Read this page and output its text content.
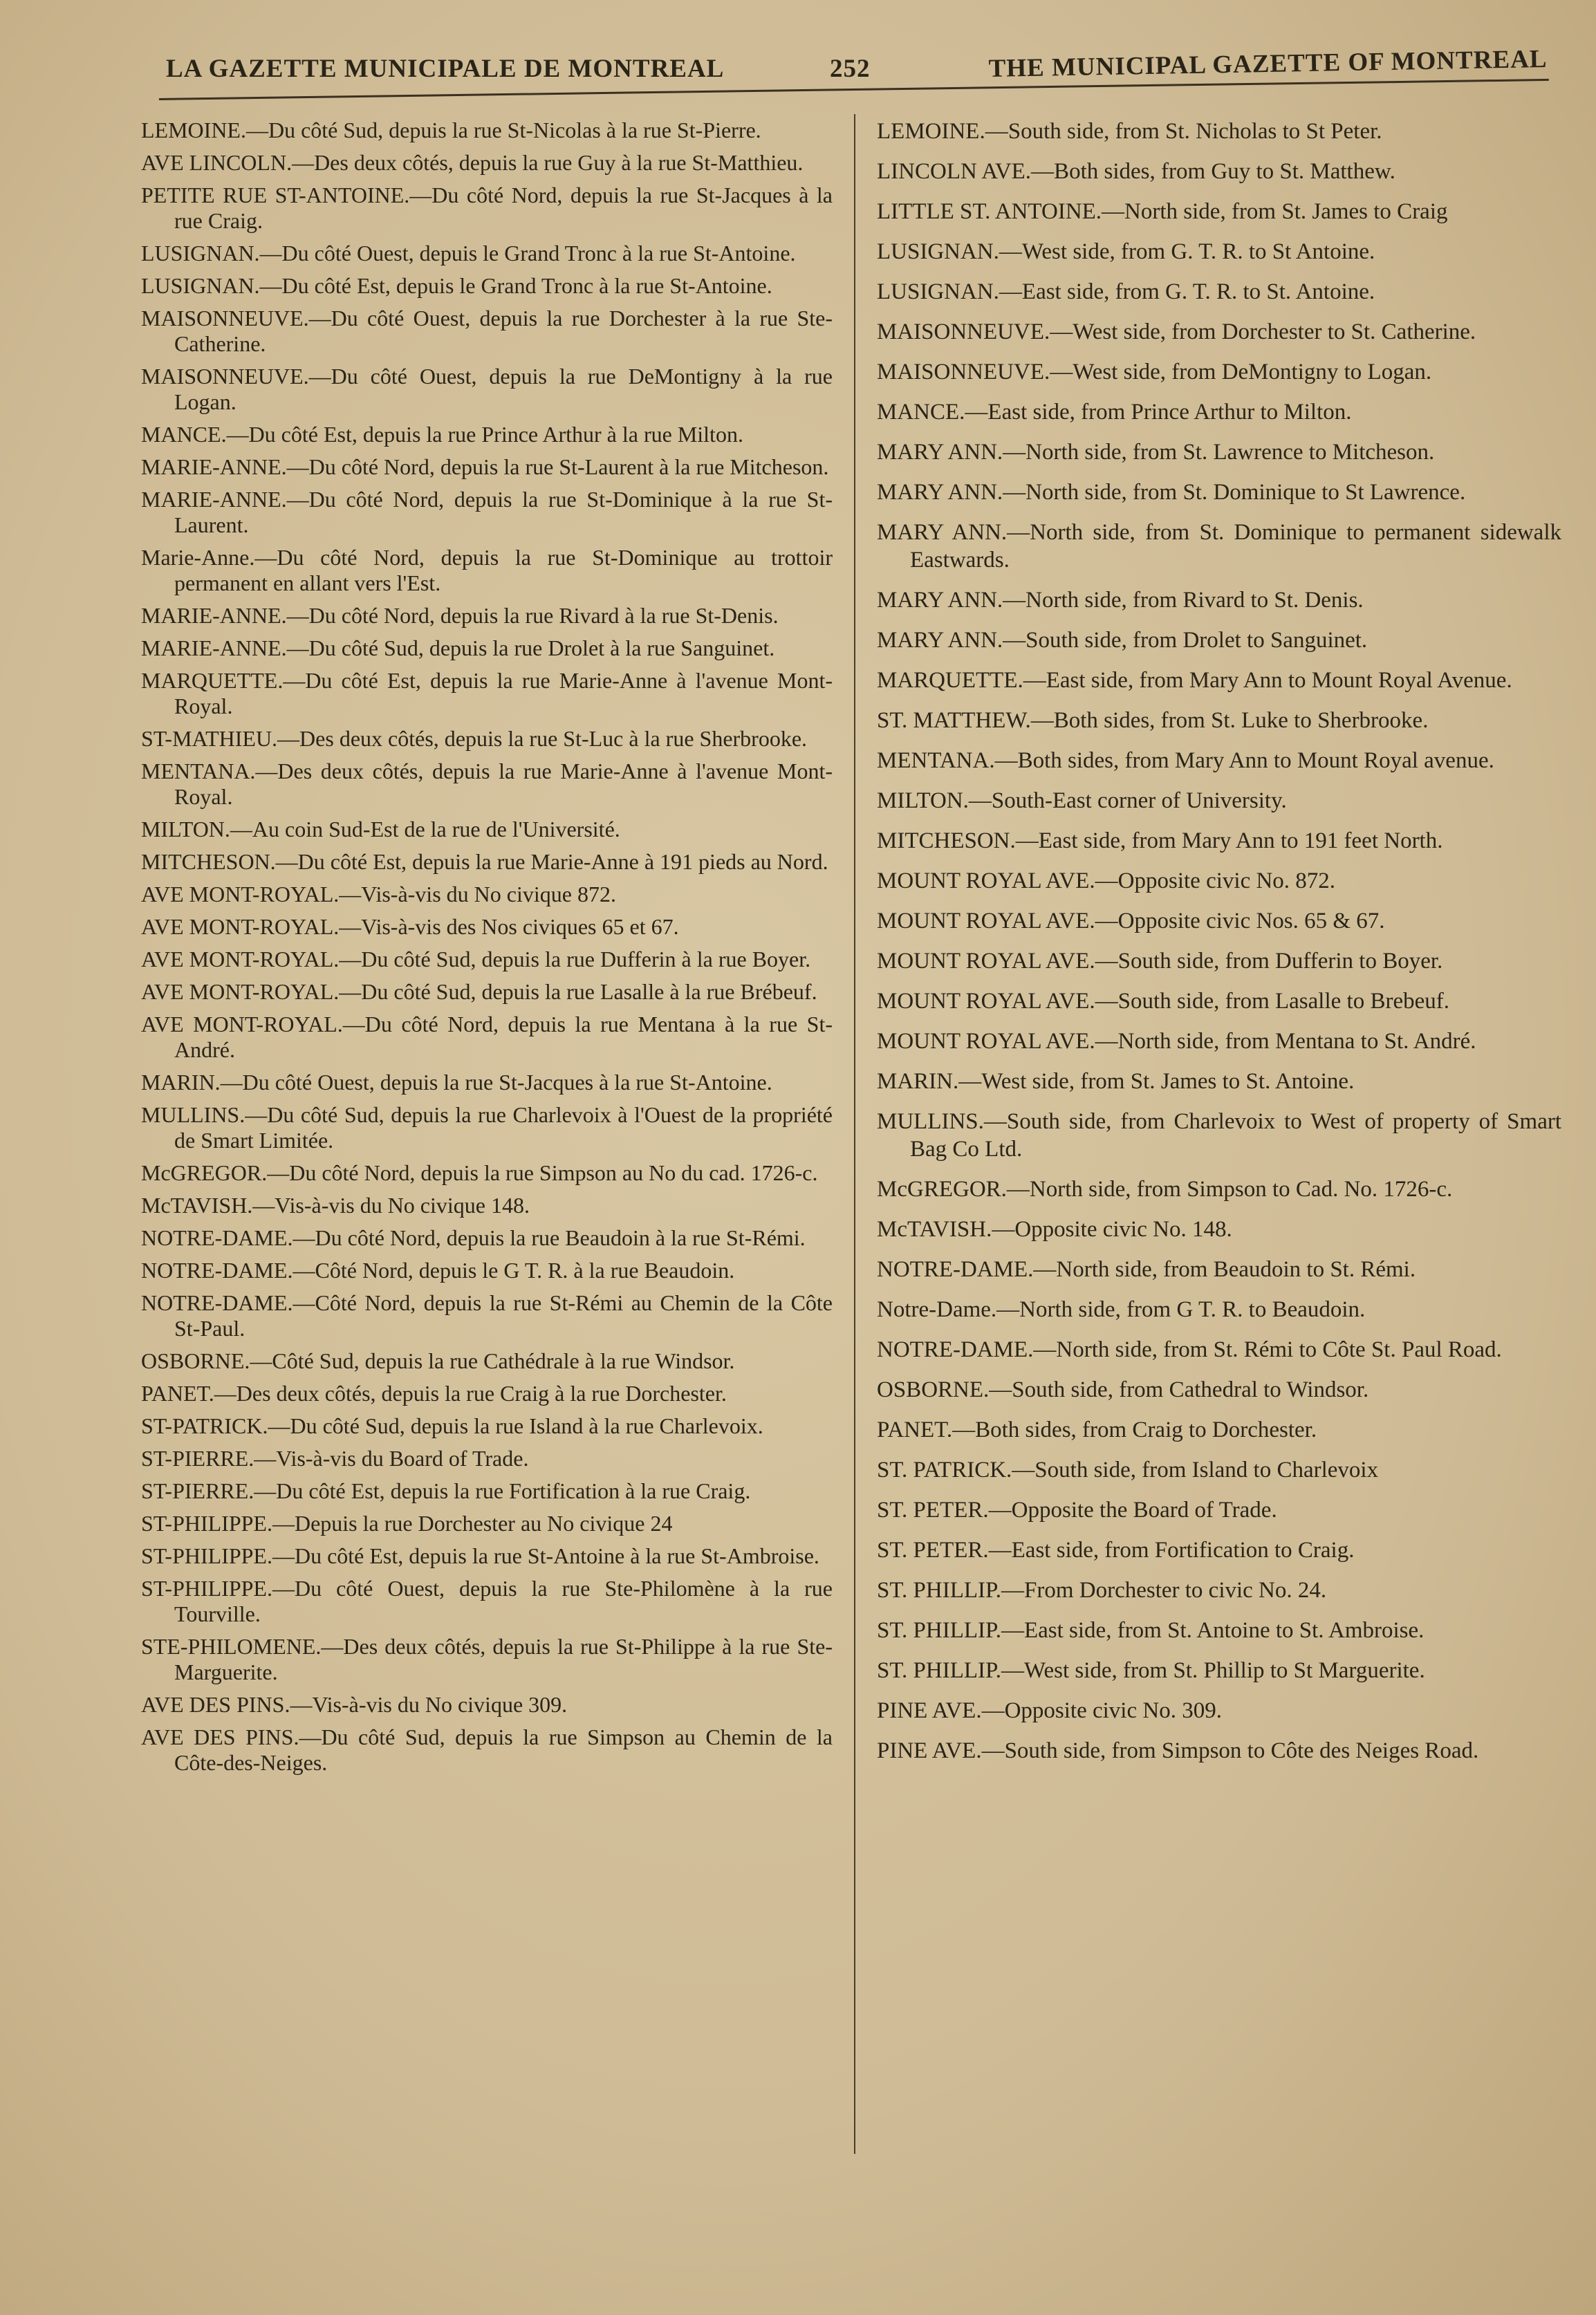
LA GAZETTE MUNICIPALE DE MONTREAL	252	THE MUNICIPAL GAZETTE OF MONTREAL

LEMOINE.—Du côté Sud, depuis la rue St-Nicolas à la rue St-Pierre.

AVE LINCOLN.—Des deux côtés, depuis la rue Guy à la rue St-Matthieu.

PETITE RUE ST-ANTOINE.—Du côté Nord, depuis la rue St-Jacques à la rue Craig.

LUSIGNAN.—Du côté Ouest, depuis le Grand Tronc à la rue St-Antoine.

LUSIGNAN.—Du côté Est, depuis le Grand Tronc à la rue St-Antoine.

MAISONNEUVE.—Du côté Ouest, depuis la rue Dorchester à la rue Ste-Catherine.

MAISONNEUVE.—Du côté Ouest, depuis la rue DeMontigny à la rue Logan.

MANCE.—Du côté Est, depuis la rue Prince Arthur à la rue Milton.

MARIE-ANNE.—Du côté Nord, depuis la rue St-Laurent à la rue Mitcheson.

MARIE-ANNE.—Du côté Nord, depuis la rue St-Dominique à la rue St-Laurent.

Marie-Anne.—Du côté Nord, depuis la rue St-Dominique au trottoir permanent en allant vers l'Est.

MARIE-ANNE.—Du côté Nord, depuis la rue Rivard à la rue St-Denis.

MARIE-ANNE.—Du côté Sud, depuis la rue Drolet à la rue Sanguinet.

MARQUETTE.—Du côté Est, depuis la rue Marie-Anne à l'avenue Mont-Royal.

ST-MATHIEU.—Des deux côtés, depuis la rue St-Luc à la rue Sherbrooke.

MENTANA.—Des deux côtés, depuis la rue Marie-Anne à l'avenue Mont-Royal.

MILTON.—Au coin Sud-Est de la rue de l'Université.

MITCHESON.—Du côté Est, depuis la rue Marie-Anne à 191 pieds au Nord.

AVE MONT-ROYAL.—Vis-à-vis du No civique 872.

AVE MONT-ROYAL.—Vis-à-vis des Nos civiques 65 et 67.

AVE MONT-ROYAL.—Du côté Sud, depuis la rue Dufferin à la rue Boyer.

AVE MONT-ROYAL.—Du côté Sud, depuis la rue Lasalle à la rue Brébeuf.

AVE MONT-ROYAL.—Du côté Nord, depuis la rue Mentana à la rue St-André.

MARIN.—Du côté Ouest, depuis la rue St-Jacques à la rue St-Antoine.

MULLINS.—Du côté Sud, depuis la rue Charlevoix à l'Ouest de la propriété de Smart Limitée.

McGREGOR.—Du côté Nord, depuis la rue Simpson au No du cad. 1726-c.

McTAVISH.—Vis-à-vis du No civique 148.

NOTRE-DAME.—Du côté Nord, depuis la rue Beaudoin à la rue St-Rémi.

NOTRE-DAME.—Côté Nord, depuis le G T. R. à la rue Beaudoin.

NOTRE-DAME.—Côté Nord, depuis la rue St-Rémi au Chemin de la Côte St-Paul.

OSBORNE.—Côté Sud, depuis la rue Cathédrale à la rue Windsor.

PANET.—Des deux côtés, depuis la rue Craig à la rue Dorchester.

ST-PATRICK.—Du côté Sud, depuis la rue Island à la rue Charlevoix.

ST-PIERRE.—Vis-à-vis du Board of Trade.

ST-PIERRE.—Du côté Est, depuis la rue Fortification à la rue Craig.

ST-PHILIPPE.—Depuis la rue Dorchester au No civique 24

ST-PHILIPPE.—Du côté Est, depuis la rue St-Antoine à la rue St-Ambroise.

ST-PHILIPPE.—Du côté Ouest, depuis la rue Ste-Philomène à la rue Tourville.

STE-PHILOMENE.—Des deux côtés, depuis la rue St-Philippe à la rue Ste-Marguerite.

AVE DES PINS.—Vis-à-vis du No civique 309.

AVE DES PINS.—Du côté Sud, depuis la rue Simpson au Chemin de la Côte-des-Neiges.

LEMOINE.—South side, from St. Nicholas to St Peter.

LINCOLN AVE.—Both sides, from Guy to St. Matthew.

LITTLE ST. ANTOINE.—North side, from St. James to Craig

LUSIGNAN.—West side, from G. T. R. to St Antoine.

LUSIGNAN.—East side, from G. T. R. to St. Antoine.

MAISONNEUVE.—West side, from Dorchester to St. Catherine.

MAISONNEUVE.—West side, from DeMontigny to Logan.

MANCE.—East side, from Prince Arthur to Milton.

MARY ANN.—North side, from St. Lawrence to Mitcheson.

MARY ANN.—North side, from St. Dominique to St Lawrence.

MARY ANN.—North side, from St. Dominique to permanent sidewalk Eastwards.

MARY ANN.—North side, from Rivard to St. Denis.

MARY ANN.—South side, from Drolet to Sanguinet.

MARQUETTE.—East side, from Mary Ann to Mount Royal Avenue.

ST. MATTHEW.—Both sides, from St. Luke to Sherbrooke.

MENTANA.—Both sides, from Mary Ann to Mount Royal avenue.

MILTON.—South-East corner of University.

MITCHESON.—East side, from Mary Ann to 191 feet North.

MOUNT ROYAL AVE.—Opposite civic No. 872.

MOUNT ROYAL AVE.—Opposite civic Nos. 65 & 67.

MOUNT ROYAL AVE.—South side, from Dufferin to Boyer.

MOUNT ROYAL AVE.—South side, from Lasalle to Brebeuf.

MOUNT ROYAL AVE.—North side, from Mentana to St. André.

MARIN.—West side, from St. James to St. Antoine.

MULLINS.—South side, from Charlevoix to West of property of Smart Bag Co Ltd.

McGREGOR.—North side, from Simpson to Cad. No. 1726-c.

McTAVISH.—Opposite civic No. 148.

NOTRE-DAME.—North side, from Beaudoin to St. Rémi.

Notre-Dame.—North side, from G T. R. to Beaudoin.

NOTRE-DAME.—North side, from St. Rémi to Côte St. Paul Road.

OSBORNE.—South side, from Cathedral to Windsor.

PANET.—Both sides, from Craig to Dorchester.

ST. PATRICK.—South side, from Island to Charlevoix

ST. PETER.—Opposite the Board of Trade.

ST. PETER.—East side, from Fortification to Craig.

ST. PHILLIP.—From Dorchester to civic No. 24.

ST. PHILLIP.—East side, from St. Antoine to St. Ambroise.

ST. PHILLIP.—West side, from St. Phillip to St Marguerite.

PINE AVE.—Opposite civic No. 309.

PINE AVE.—South side, from Simpson to Côte des Neiges Road.
